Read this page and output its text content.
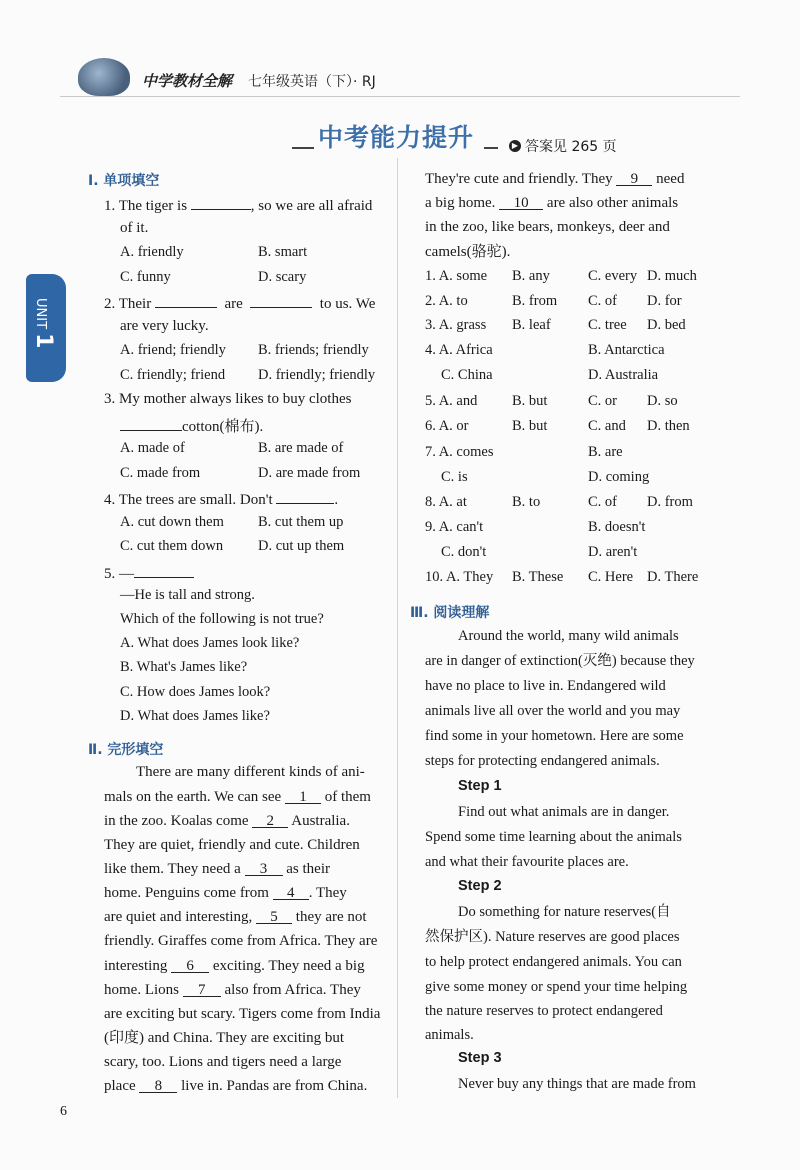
中学教材全解 七年级英语（下）· RJ
中考能力提升	▶ 答案见 265 页
UNIT 1
Ⅰ. 单项填空
1. The tiger is	, so we are all afraid
of it.
A. friendly	B. smart
C. funny	D. scary
2. Their	are	to us. We
are very lucky.
A. friend; friendly B. friends; friendly
C. friendly; friend D. friendly; friendly
3. My mother always likes to buy clothes
cotton(棉布).
A. made of	B. are made of
C. made from	D. are made from
4. The trees are small. Don't	.
A. cut down them B. cut them up
C. cut them down D. cut up them
5. —
—He is tall and strong.
Which of the following is not true?
A. What does James look like?
B. What's James like?
C. How does James look?
D. What does James like?
Ⅱ. 完形填空
There are many different kinds of ani-
mals on the earth. We can see 1 of them
in the zoo. Koalas come 2 Australia.
They are quiet, friendly and cute. Children
like them. They need a 3 as their
home. Penguins come from 4 . They
are quiet and interesting, 5 they are not
friendly. Giraffes come from Africa. They are
interesting 6 exciting. They need a big
home. Lions 7 also from Africa. They
are exciting but scary. Tigers come from India
(印度) and China. They are exciting but
scary, too. Lions and tigers need a large
place 8 live in. Pandas are from China.
6
They're cute and friendly. They 9 need
a big home. 10 are also other animals
in the zoo, like bears, monkeys, deer and
camels(骆驼).
1. A. some B. any	C. every D. much
2. A. to	B. from C. of D. for
3. A. grass B. leaf	C. tree D. bed
4. A. Africa	B. Antarctica
C. China	D. Australia
5. A. and B. but	C. or D. so
6. A. or	B. but	C. and D. then
7. A. comes	B. are
C. is	D. coming
8. A. at	B. to	C. of D. from
9. A. can't	B. doesn't
C. don't	D. aren't
10. A. They B. These C. Here D. There
Ⅲ. 阅读理解
Around the world, many wild animals
are in danger of extinction(灭绝) because they
have no place to live in. Endangered wild
animals live all over the world and you may
find some in your hometown. Here are some
steps for protecting endangered animals.
Step 1
Find out what animals are in danger.
Spend some time learning about the animals
and what their favourite places are.
Step 2
Do something for nature reserves(自
然保护区). Nature reserves are good places
to help protect endangered animals. You can
give some money or spend your time helping
the nature reserves to protect endangered
animals.
Step 3
Never buy any things that are made from
